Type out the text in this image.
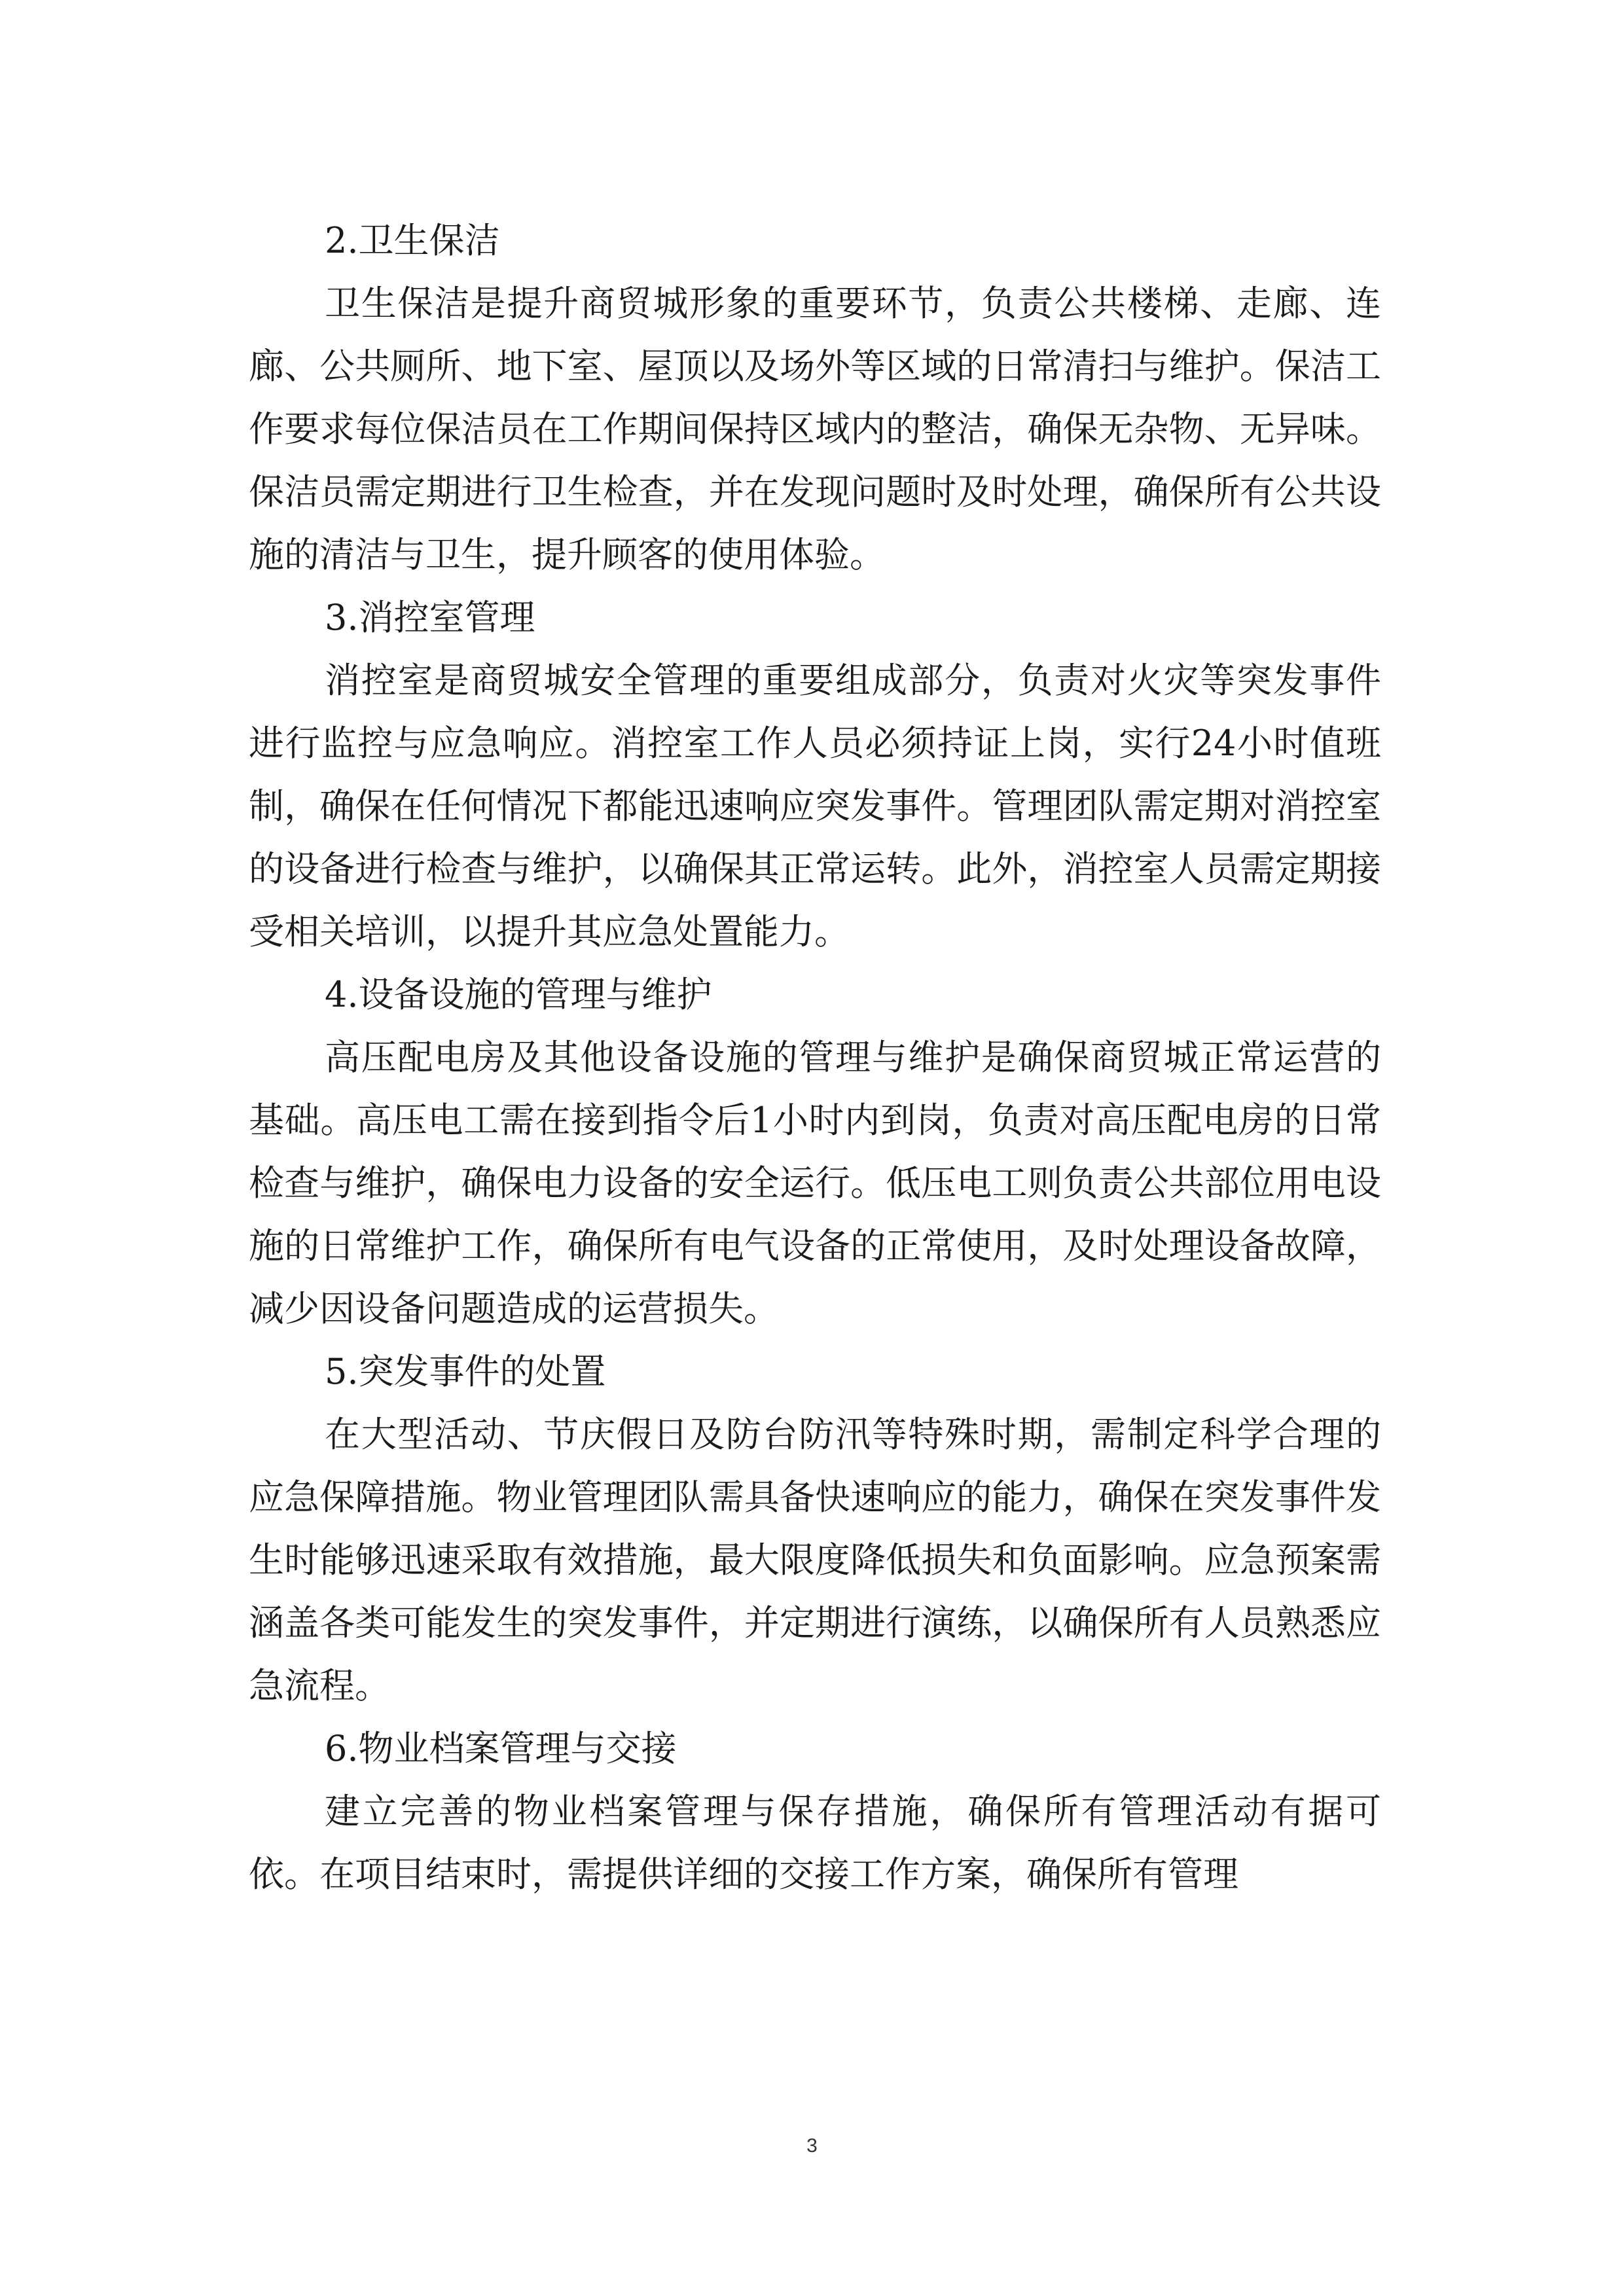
2.卫生保洁

卫生保洁是提升商贸城形象的重要环节，负责公共楼梯、走廊、连廊、公共厕所、地下室、屋顶以及场外等区域的日常清扫与维护。保洁工作要求每位保洁员在工作期间保持区域内的整洁，确保无杂物、无异味。保洁员需定期进行卫生检查，并在发现问题时及时处理，确保所有公共设施的清洁与卫生，提升顾客的使用体验。

3.消控室管理

消控室是商贸城安全管理的重要组成部分，负责对火灾等突发事件进行监控与应急响应。消控室工作人员必须持证上岗，实行24小时值班制，确保在任何情况下都能迅速响应突发事件。管理团队需定期对消控室的设备进行检查与维护，以确保其正常运转。此外，消控室人员需定期接受相关培训，以提升其应急处置能力。

4.设备设施的管理与维护

高压配电房及其他设备设施的管理与维护是确保商贸城正常运营的基础。高压电工需在接到指令后1小时内到岗，负责对高压配电房的日常检查与维护，确保电力设备的安全运行。低压电工则负责公共部位用电设施的日常维护工作，确保所有电气设备的正常使用，及时处理设备故障，减少因设备问题造成的运营损失。

5.突发事件的处置

在大型活动、节庆假日及防台防汛等特殊时期，需制定科学合理的应急保障措施。物业管理团队需具备快速响应的能力，确保在突发事件发生时能够迅速采取有效措施，最大限度降低损失和负面影响。应急预案需涵盖各类可能发生的突发事件，并定期进行演练，以确保所有人员熟悉应急流程。

6.物业档案管理与交接

建立完善的物业档案管理与保存措施，确保所有管理活动有据可依。在项目结束时，需提供详细的交接工作方案，确保所有管理

3
